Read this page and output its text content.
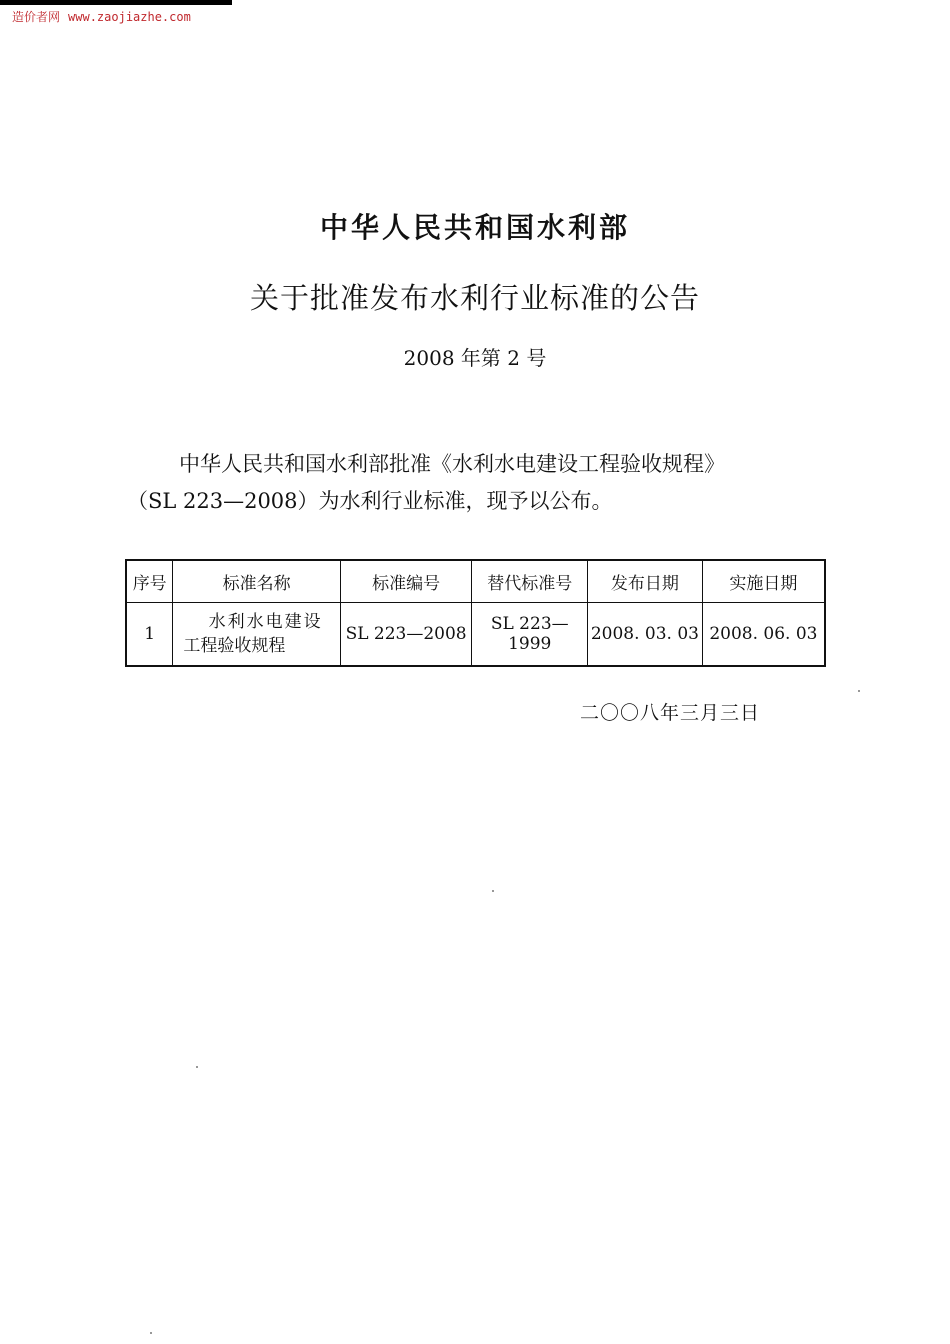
造价者网 www.zaojiazhe.com
中华人民共和国水利部
关于批准发布水利行业标准的公告
2008 年第 2 号

中华人民共和国水利部批准《水利水电建设工程验收规程》

（SL 223—2008）为水利行业标准，现予以公布。

序号	标准名称	标准编号	替代标准号	发布日期	实施日期
1	水利水电建设
工程验收规程	SL 223—2008	SL 223—1999	2008. 03. 03	2008. 06. 03
二〇〇八年三月三日
